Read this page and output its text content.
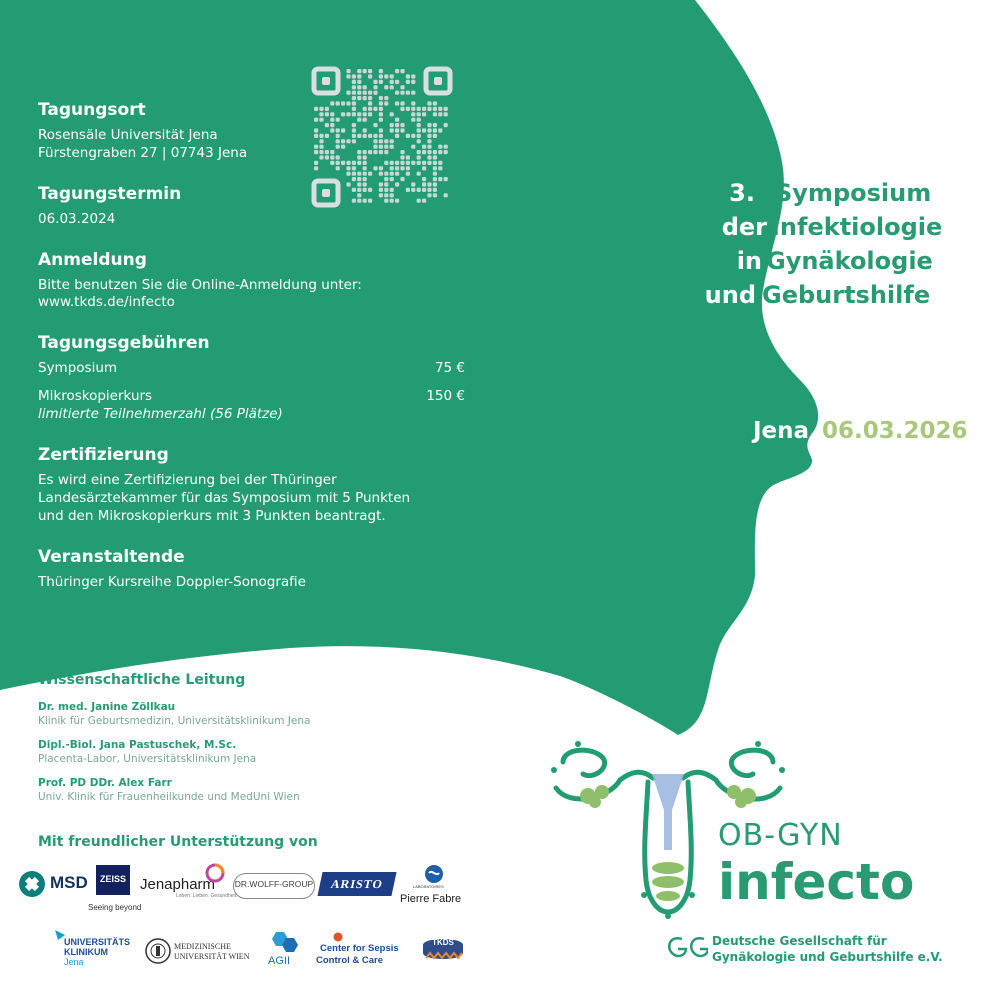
Tagungsort
Rosensäle Universität Jena
Fürstengraben 27 | 07743 Jena
Tagungstermin
06.03.2024
Anmeldung
Bitte benutzen Sie die Online-Anmeldung unter:
www.tkds.de/infecto
Tagungsgebühren
Symposium	75 €
Mikroskopierkurs	150 €
limitierte Teilnehmerzahl (56 Plätze)
Zertifizierung
Es wird eine Zertifizierung bei der Thüringer
Landesärztekammer für das Symposium mit 5 Punkten
und den Mikroskopierkurs mit 3 Punkten beantragt.
Veranstaltende
Thüringer Kursreihe Doppler-Sonografie
3. Symposium
der Infektiologie
in Gynäkologie
und Geburtshilfe
Jena 06.03.2026
Wissenschaftliche Leitung
Dr. med. Janine Zöllkau
Klinik für Geburtsmedizin, Universitätsklinikum Jena
Dipl.-Biol. Jana Pastuschek, M.Sc.
Placenta-Labor, Universitätsklinikum Jena
Prof. PD DDr. Alex Farr
Univ. Klinik für Frauenheilkunde und MedUni Wien
Mit freundlicher Unterstützung von
MSD	ZEISS
Seeing beyond
Jenapharm
Leben. Lieben. Gesundheit.
DR.WOLFF-GROUP	ARISTO	LABORATOIRES
Pierre Fabre
UNIVERSITÄTS
KLINIKUM
Jena
MEDIZINISCHE
UNIVERSITÄT WIEN AGII
Center for Sepsis
Control & Care
TKDS
OB-GYN
infecto
Deutsche Gesellschaft für
Gynäkologie und Geburtshilfe e.V.
